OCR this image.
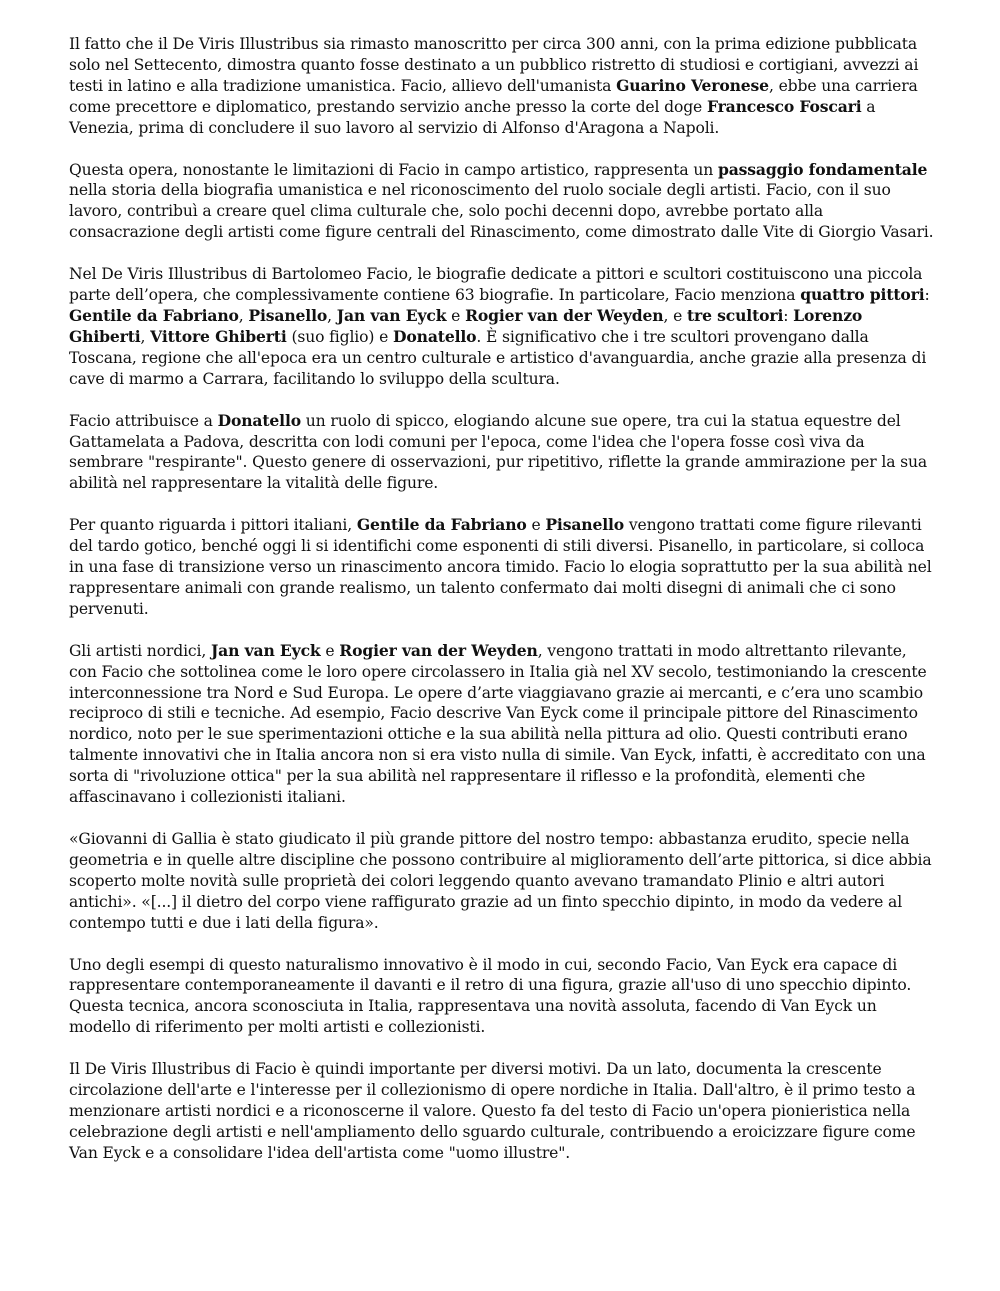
Il fatto che il De Viris Illustribus sia rimasto manoscritto per circa 300 anni, con la prima edizione pubblicata solo nel Settecento, dimostra quanto fosse destinato a un pubblico ristretto di studiosi e cortigiani, avvezzi ai testi in latino e alla tradizione umanistica. Facio, allievo dell'umanista Guarino Veronese, ebbe una carriera come precettore e diplomatico, prestando servizio anche presso la corte del doge Francesco Foscari a Venezia, prima di concludere il suo lavoro al servizio di Alfonso d'Aragona a Napoli.

Questa opera, nonostante le limitazioni di Facio in campo artistico, rappresenta un passaggio fondamentale nella storia della biografia umanistica e nel riconoscimento del ruolo sociale degli artisti. Facio, con il suo lavoro, contribuì a creare quel clima culturale che, solo pochi decenni dopo, avrebbe portato alla consacrazione degli artisti come figure centrali del Rinascimento, come dimostrato dalle Vite di Giorgio Vasari.

Nel De Viris Illustribus di Bartolomeo Facio, le biografie dedicate a pittori e scultori costituiscono una piccola parte dell’opera, che complessivamente contiene 63 biografie. In particolare, Facio menziona quattro pittori: Gentile da Fabriano, Pisanello, Jan van Eyck e Rogier van der Weyden, e tre scultori: Lorenzo Ghiberti, Vittore Ghiberti (suo figlio) e Donatello. È significativo che i tre scultori provengano dalla Toscana, regione che all'epoca era un centro culturale e artistico d'avanguardia, anche grazie alla presenza di cave di marmo a Carrara, facilitando lo sviluppo della scultura.

Facio attribuisce a Donatello un ruolo di spicco, elogiando alcune sue opere, tra cui la statua equestre del Gattamelata a Padova, descritta con lodi comuni per l'epoca, come l'idea che l'opera fosse così viva da sembrare "respirante". Questo genere di osservazioni, pur ripetitivo, riflette la grande ammirazione per la sua abilità nel rappresentare la vitalità delle figure.

Per quanto riguarda i pittori italiani, Gentile da Fabriano e Pisanello vengono trattati come figure rilevanti del tardo gotico, benché oggi li si identifichi come esponenti di stili diversi. Pisanello, in particolare, si colloca in una fase di transizione verso un rinascimento ancora timido. Facio lo elogia soprattutto per la sua abilità nel rappresentare animali con grande realismo, un talento confermato dai molti disegni di animali che ci sono pervenuti.

Gli artisti nordici, Jan van Eyck e Rogier van der Weyden, vengono trattati in modo altrettanto rilevante, con Facio che sottolinea come le loro opere circolassero in Italia già nel XV secolo, testimoniando la crescente interconnessione tra Nord e Sud Europa. Le opere d’arte viaggiavano grazie ai mercanti, e c’era uno scambio reciproco di stili e tecniche. Ad esempio, Facio descrive Van Eyck come il principale pittore del Rinascimento nordico, noto per le sue sperimentazioni ottiche e la sua abilità nella pittura ad olio. Questi contributi erano talmente innovativi che in Italia ancora non si era visto nulla di simile. Van Eyck, infatti, è accreditato con una sorta di "rivoluzione ottica" per la sua abilità nel rappresentare il riflesso e la profondità, elementi che affascinavano i collezionisti italiani.

«Giovanni di Gallia è stato giudicato il più grande pittore del nostro tempo: abbastanza erudito, specie nella geometria e in quelle altre discipline che possono contribuire al miglioramento dell’arte pittorica, si dice abbia scoperto molte novità sulle proprietà dei colori leggendo quanto avevano tramandato Plinio e altri autori antichi». «[...] il dietro del corpo viene raffigurato grazie ad un finto specchio dipinto, in modo da vedere al contempo tutti e due i lati della figura».

Uno degli esempi di questo naturalismo innovativo è il modo in cui, secondo Facio, Van Eyck era capace di rappresentare contemporaneamente il davanti e il retro di una figura, grazie all'uso di uno specchio dipinto. Questa tecnica, ancora sconosciuta in Italia, rappresentava una novità assoluta, facendo di Van Eyck un modello di riferimento per molti artisti e collezionisti.

Il De Viris Illustribus di Facio è quindi importante per diversi motivi. Da un lato, documenta la crescente circolazione dell'arte e l'interesse per il collezionismo di opere nordiche in Italia. Dall'altro, è il primo testo a menzionare artisti nordici e a riconoscerne il valore. Questo fa del testo di Facio un'opera pionieristica nella celebrazione degli artisti e nell'ampliamento dello sguardo culturale, contribuendo a eroicizzare figure come Van Eyck e a consolidare l'idea dell'artista come "uomo illustre".
